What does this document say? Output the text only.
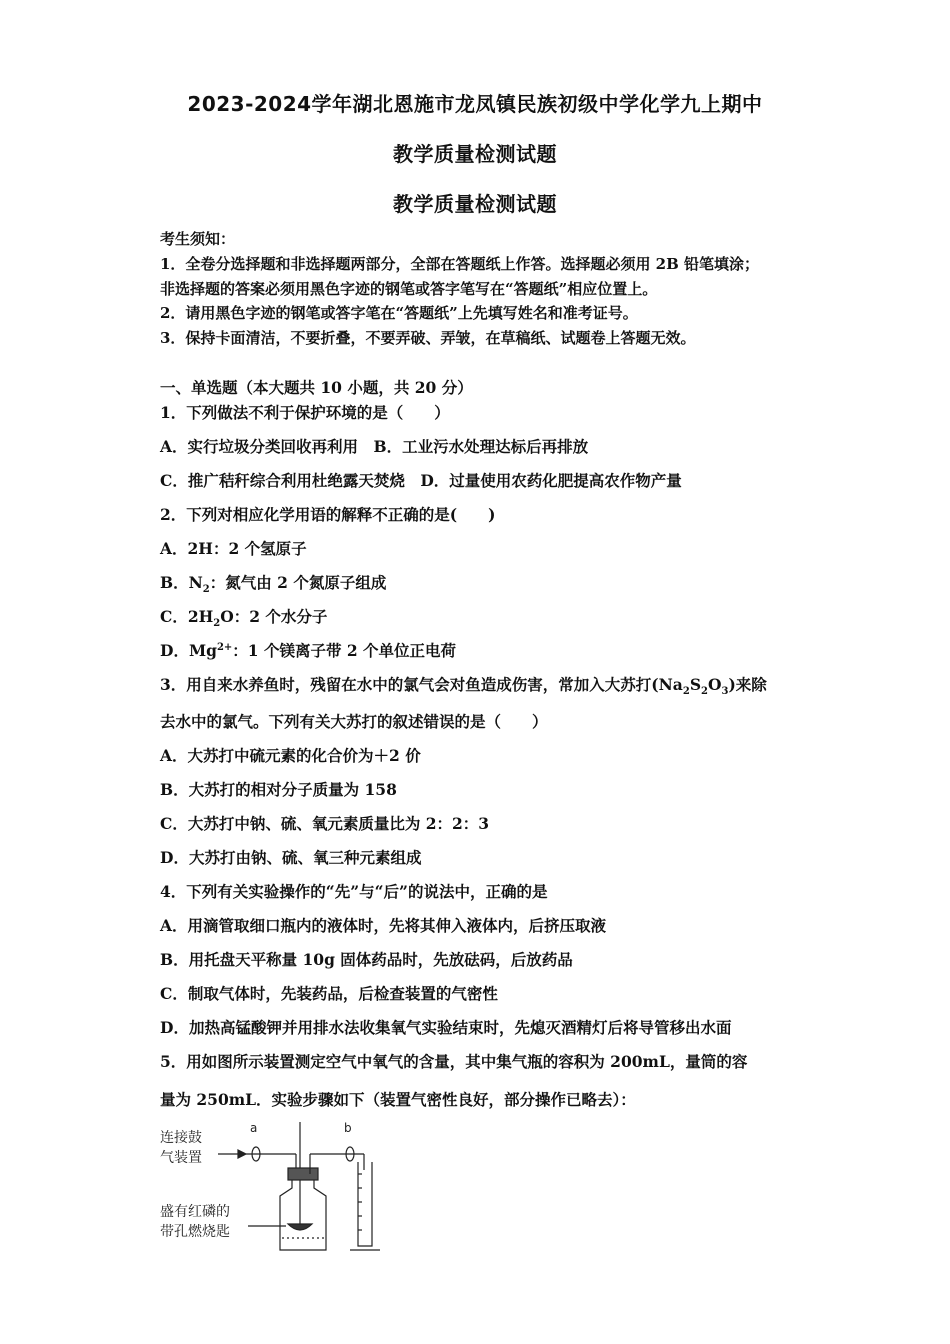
2023-2024学年湖北恩施市龙凤镇民族初级中学化学九上期中
教学质量检测试题
教学质量检测试题
考生须知：
1．全卷分选择题和非选择题两部分，全部在答题纸上作答。选择题必须用 2B 铅笔填涂；
非选择题的答案必须用黑色字迹的钢笔或答字笔写在“答题纸”相应位置上。
2．请用黑色字迹的钢笔或答字笔在“答题纸”上先填写姓名和准考证号。
3．保持卡面清洁，不要折叠，不要弄破、弄皱，在草稿纸、试题卷上答题无效。
一、单选题（本大题共 10 小题，共 20 分）
1．下列做法不利于保护环境的是（　　）
A．实行垃圾分类回收再利用　B．工业污水处理达标后再排放
C．推广秸秆综合利用杜绝露天焚烧　D．过量使用农药化肥提高农作物产量
2．下列对相应化学用语的解释不正确的是(　　)
A．2H：2 个氢原子
B．$N_2$：氮气由 2 个氮原子组成
C．$2H_2O$：2 个水分子
D．$Mg^{2+}$：1 个镁离子带 2 个单位正电荷
3．用自来水养鱼时，残留在水中的氯气会对鱼造成伤害，常加入大苏打$(Na_2S_2O_3)$来除
去水中的氯气。下列有关大苏打的叙述错误的是（　　）
A．大苏打中硫元素的化合价为＋2 价
B．大苏打的相对分子质量为 158
C．大苏打中钠、硫、氧元素质量比为 2：2：3
D．大苏打由钠、硫、氧三种元素组成
4．下列有关实验操作的“先”与“后”的说法中，正确的是
A．用滴管取细口瓶内的液体时，先将其伸入液体内，后挤压取液
B．用托盘天平称量 10g 固体药品时，先放砝码，后放药品
C．制取气体时，先装药品，后检查装置的气密性
D．加热高锰酸钾并用排水法收集氧气实验结束时，先熄灭酒精灯后将导管移出水面
5．用如图所示装置测定空气中氧气的含量，其中集气瓶的容积为 200mL，量筒的容
量为 250mL．实验步骤如下（装置气密性良好，部分操作已略去）：
连接鼓
气装置
盛有红磷的
带孔燃烧匙
a	b
